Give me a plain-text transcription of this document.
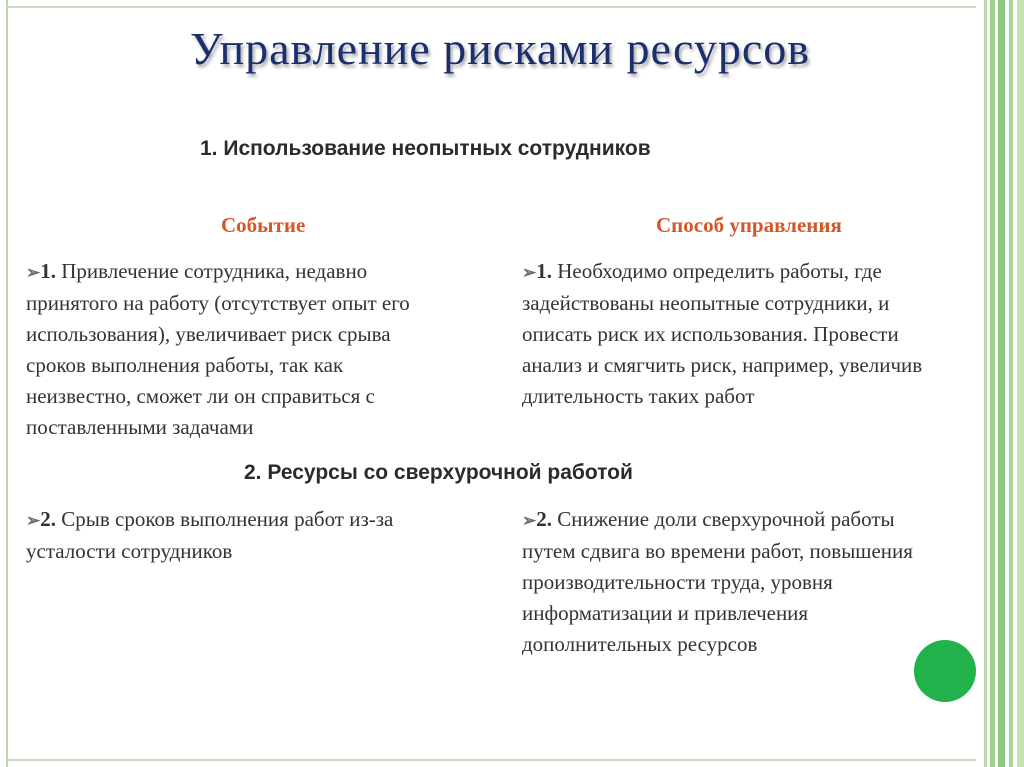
Управление рисками ресурсов
1. Использование неопытных сотрудников
Событие	Способ управления
➢1. Привлечение сотрудника, недавно
принятого на работу (отсутствует опыт его
использования), увеличивает риск срыва
сроков выполнения работы, так как
неизвестно, сможет ли он справиться с
поставленными задачами
➢1. Необходимо определить работы, где
задействованы неопытные сотрудники, и
описать риск их использования. Провести
анализ и смягчить риск, например, увеличив
длительность таких работ
2. Ресурсы со сверхурочной работой
➢2. Срыв сроков выполнения работ из-за
усталости сотрудников
➢2. Снижение доли сверхурочной работы
путем сдвига во времени работ, повышения
производительности труда, уровня
информатизации и привлечения
дополнительных ресурсов
